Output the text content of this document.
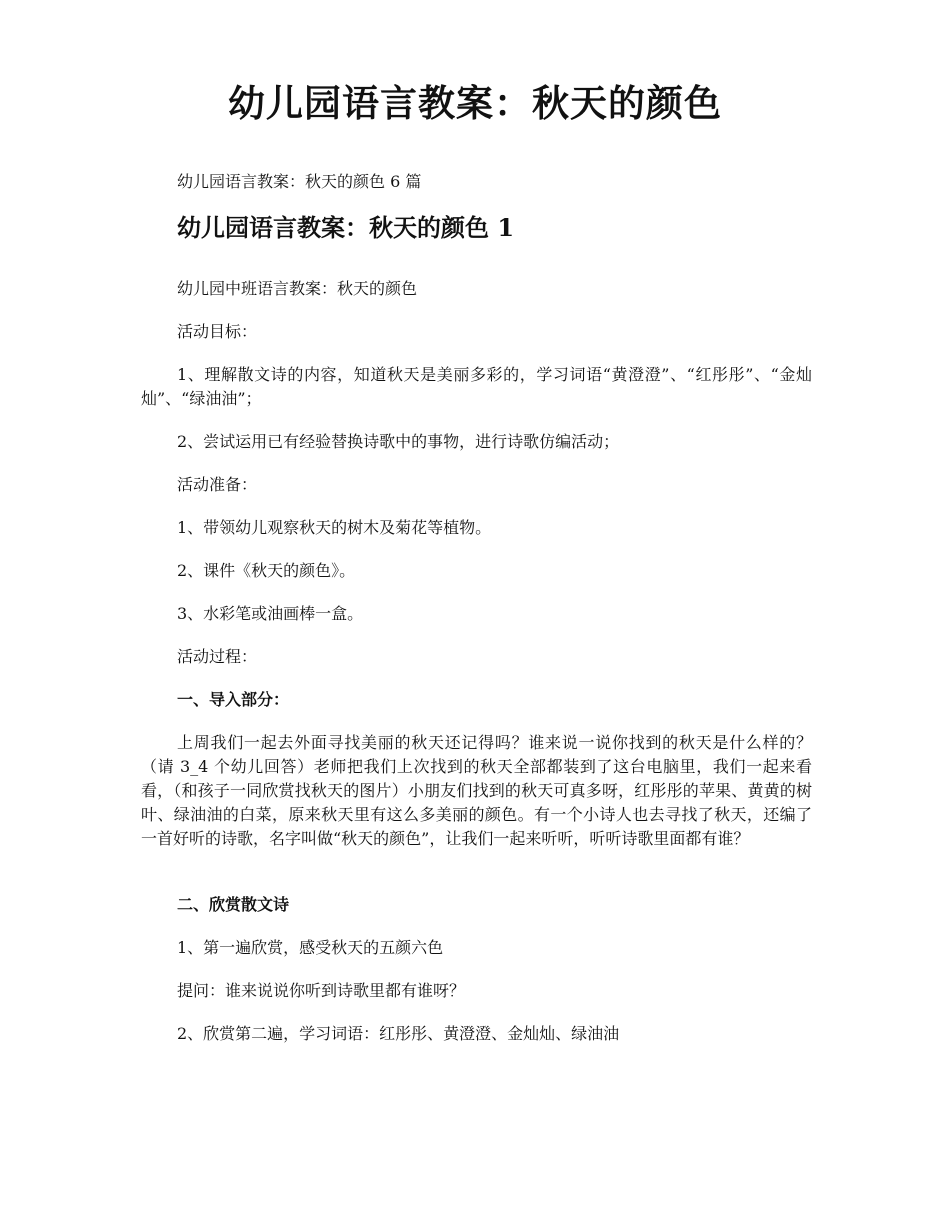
幼儿园语言教案：秋天的颜色

幼儿园语言教案：秋天的颜色 6 篇

幼儿园语言教案：秋天的颜色 1

幼儿园中班语言教案：秋天的颜色

活动目标：

1、理解散文诗的内容，知道秋天是美丽多彩的，学习词语“黄澄澄”、“红彤彤”、“金灿灿”、“绿油油”；

2、尝试运用已有经验替换诗歌中的事物，进行诗歌仿编活动；

活动准备：

1、带领幼儿观察秋天的树木及菊花等植物。

2、课件《秋天的颜色》。

3、水彩笔或油画棒一盒。

活动过程：

一、导入部分：

上周我们一起去外面寻找美丽的秋天还记得吗？谁来说一说你找到的秋天是什么样的？（请 3_4 个幼儿回答）老师把我们上次找到的秋天全部都装到了这台电脑里，我们一起来看看，（和孩子一同欣赏找秋天的图片）小朋友们找到的秋天可真多呀，红彤彤的苹果、黄黄的树叶、绿油油的白菜，原来秋天里有这么多美丽的颜色。有一个小诗人也去寻找了秋天，还编了一首好听的诗歌，名字叫做“秋天的颜色”，让我们一起来听听，听听诗歌里面都有谁？

二、欣赏散文诗

1、第一遍欣赏，感受秋天的五颜六色

提问：谁来说说你听到诗歌里都有谁呀？

2、欣赏第二遍，学习词语：红彤彤、黄澄澄、金灿灿、绿油油
